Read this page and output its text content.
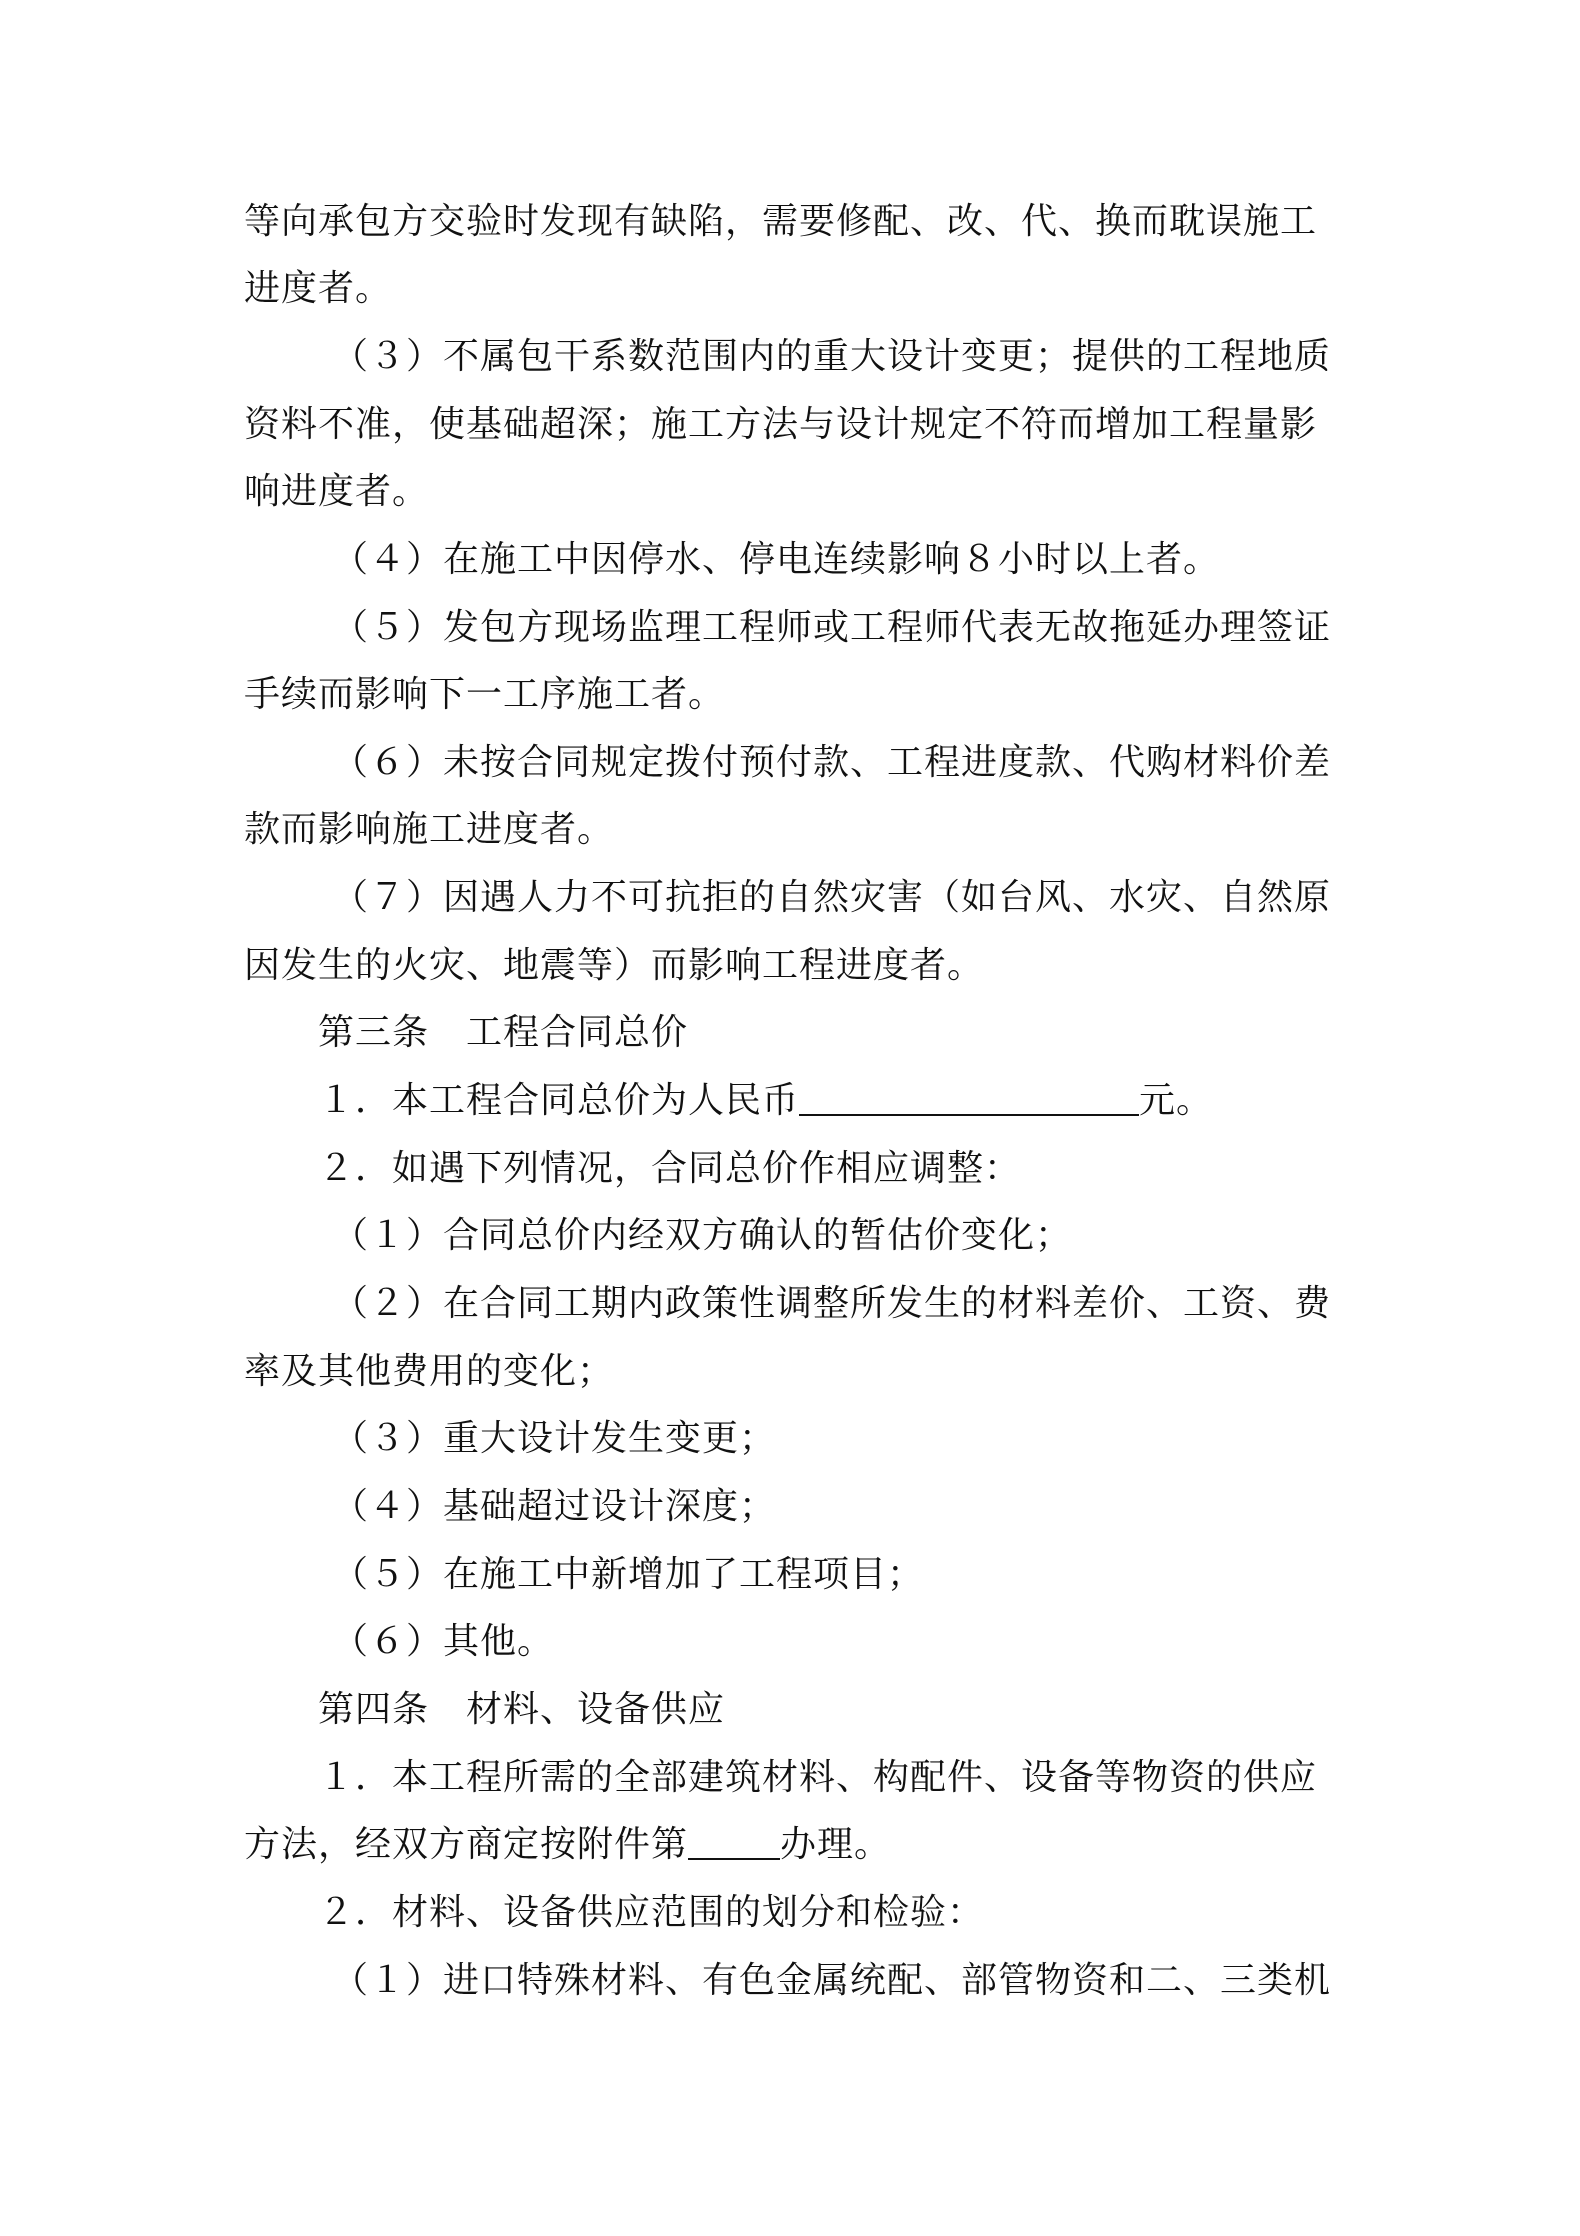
等向承包方交验时发现有缺陷，需要修配、改、代、换而耽误施工
进度者。
（３）不属包干系数范围内的重大设计变更；提供的工程地质
资料不准，使基础超深；施工方法与设计规定不符而增加工程量影
响进度者。
（４）在施工中因停水、停电连续影响８小时以上者。
（５）发包方现场监理工程师或工程师代表无故拖延办理签证
手续而影响下一工序施工者。
（６）未按合同规定拨付预付款、工程进度款、代购材料价差
款而影响施工进度者。
（７）因遇人力不可抗拒的自然灾害（如台风、水灾、自然原
因发生的火灾、地震等）而影响工程进度者。
第三条　工程合同总价
１．本工程合同总价为人民币	元。
２．如遇下列情况，合同总价作相应调整：
（１）合同总价内经双方确认的暂估价变化；
（２）在合同工期内政策性调整所发生的材料差价、工资、费
率及其他费用的变化；
（３）重大设计发生变更；
（４）基础超过设计深度；
（５）在施工中新增加了工程项目；
（６）其他。
第四条　材料、设备供应
１．本工程所需的全部建筑材料、构配件、设备等物资的供应
方法，经双方商定按附件第	办理。
２．材料、设备供应范围的划分和检验：
（１）进口特殊材料、有色金属统配、部管物资和二、三类机
